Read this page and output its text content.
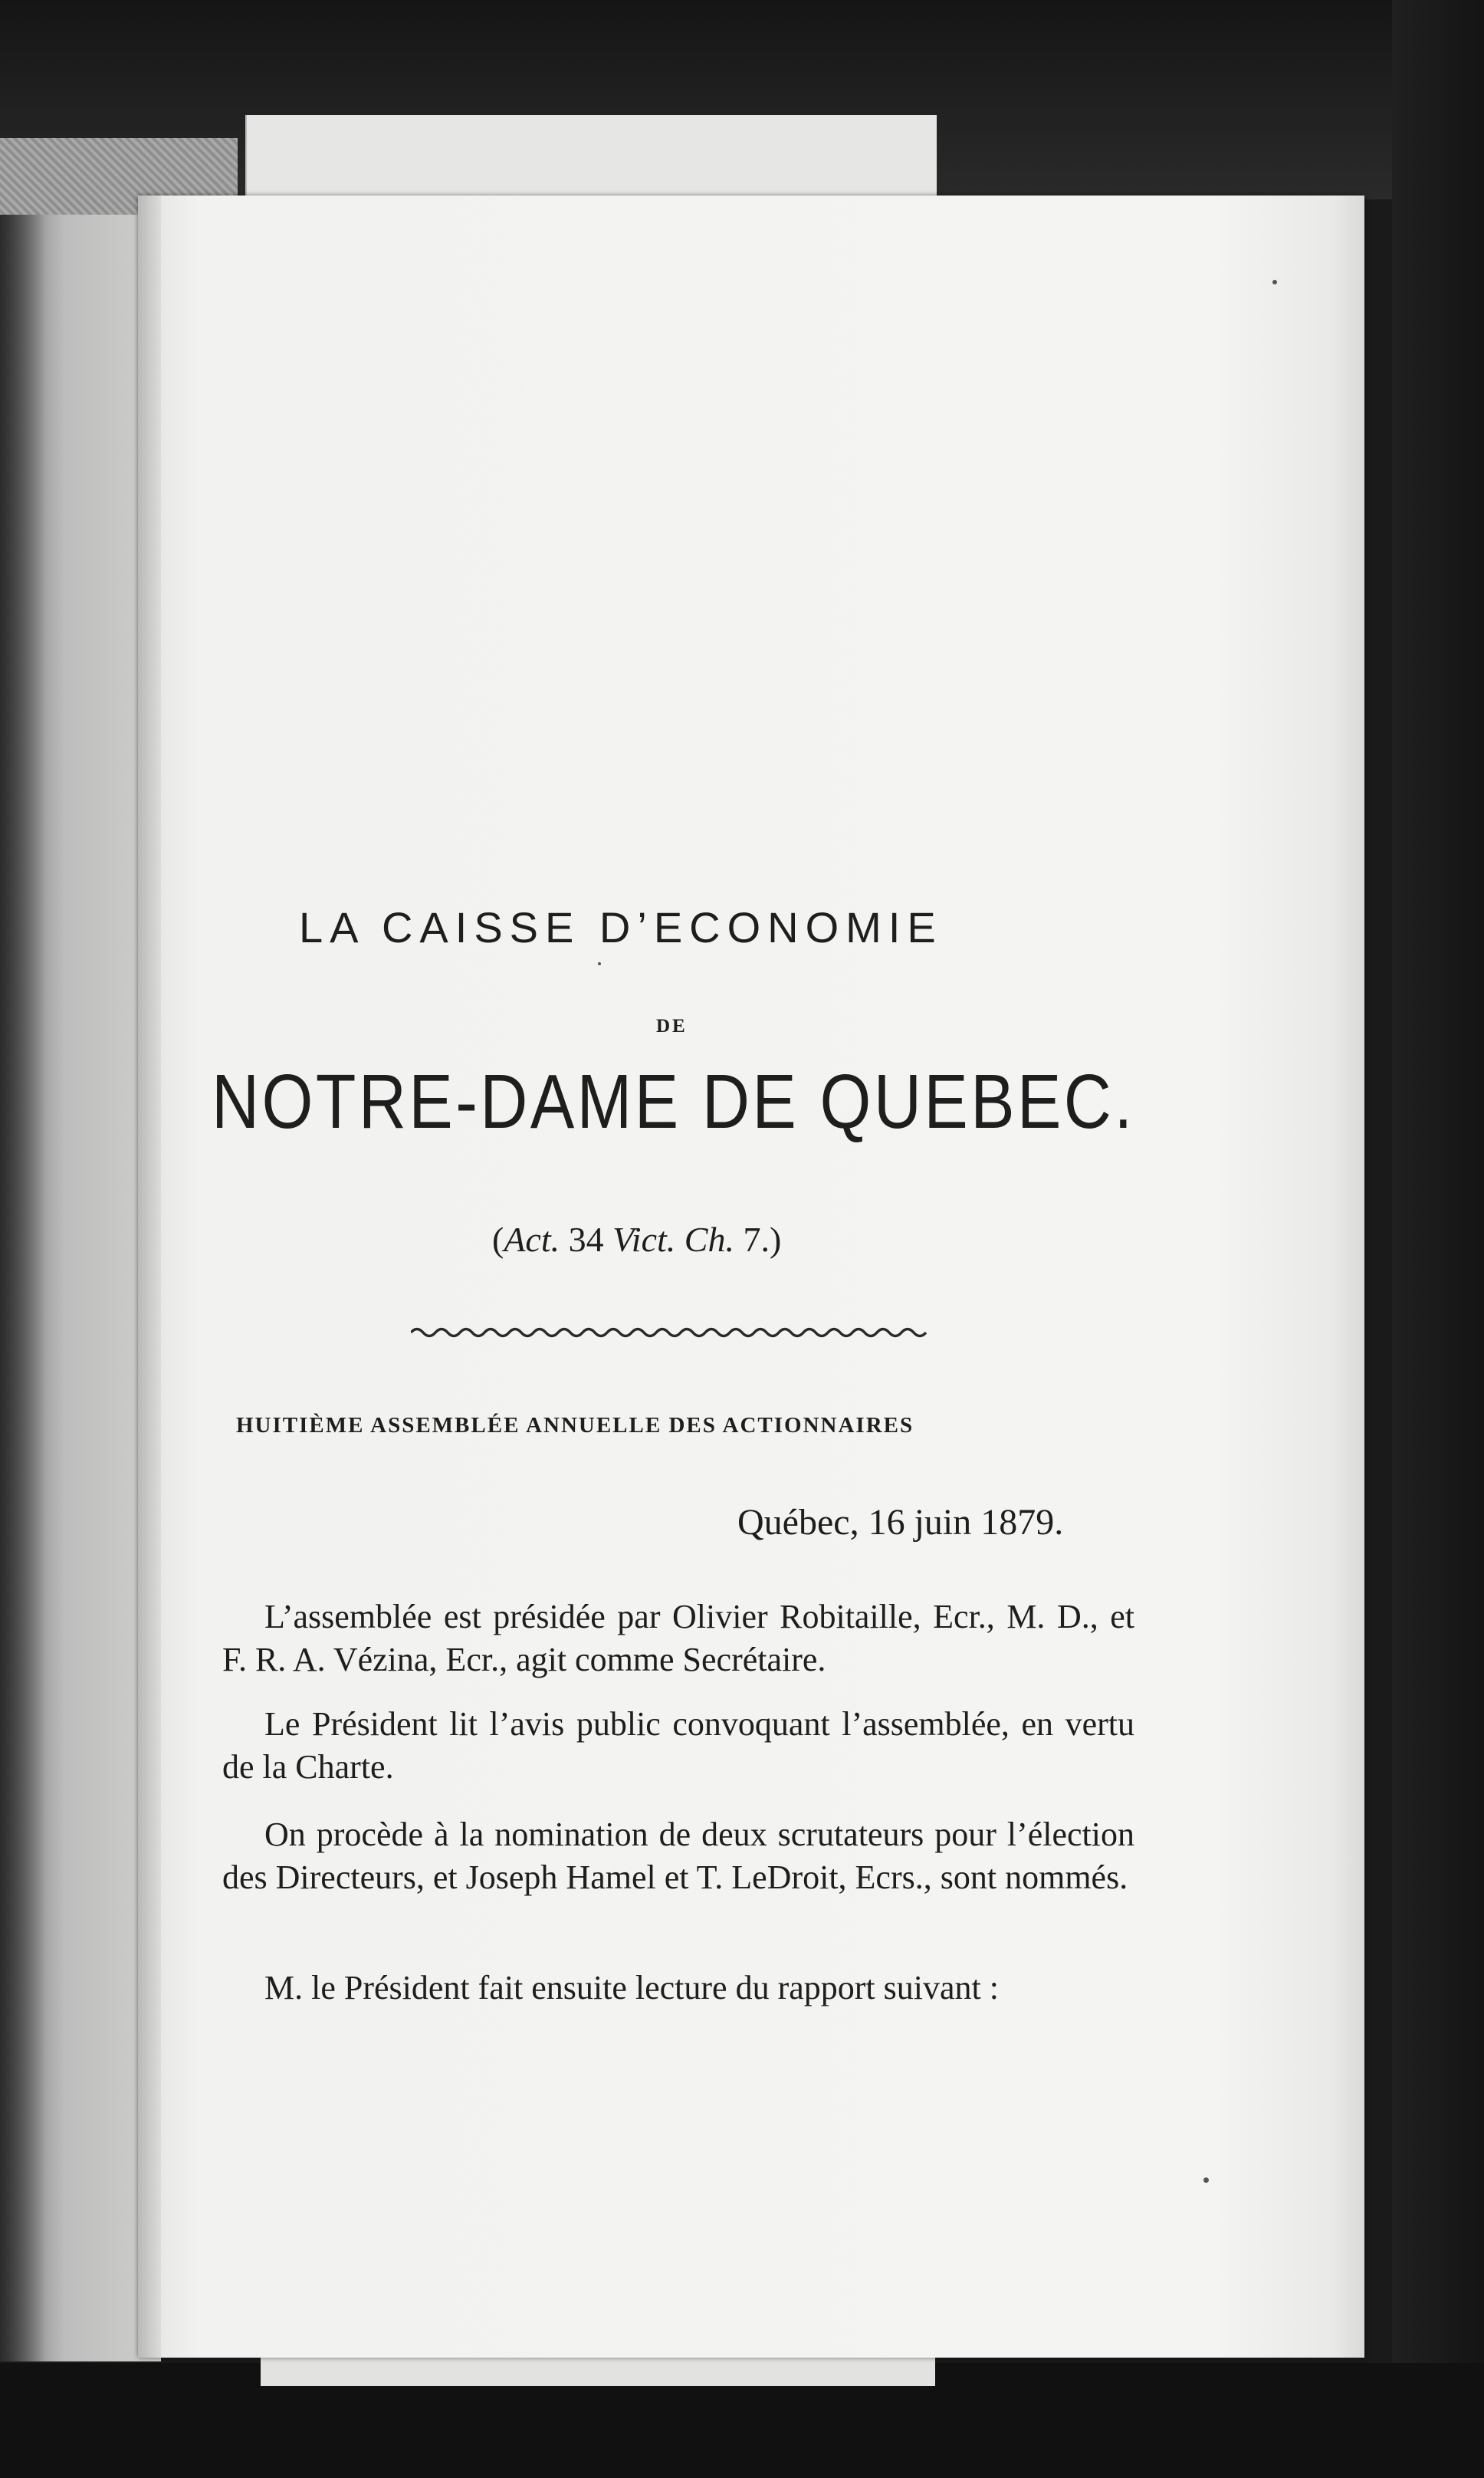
LA CAISSE D’ECONOMIE
DE
NOTRE-DAME DE QUEBEC.
(Act. 34 Vict. Ch. 7.)
HUITIÈME ASSEMBLÉE ANNUELLE DES ACTIONNAIRES
Québec, 16 juin 1879.
L’assemblée est présidée par Olivier Robitaille, Ecr., M. D., et F. R. A. Vézina, Ecr., agit comme Secrétaire.
Le Président lit l’avis public convoquant l’assemblée, en vertu de la Charte.
On procède à la nomination de deux scrutateurs pour l’élection des Directeurs, et Joseph Hamel et T. LeDroit, Ecrs., sont nommés.
M. le Président fait ensuite lecture du rapport suivant :
